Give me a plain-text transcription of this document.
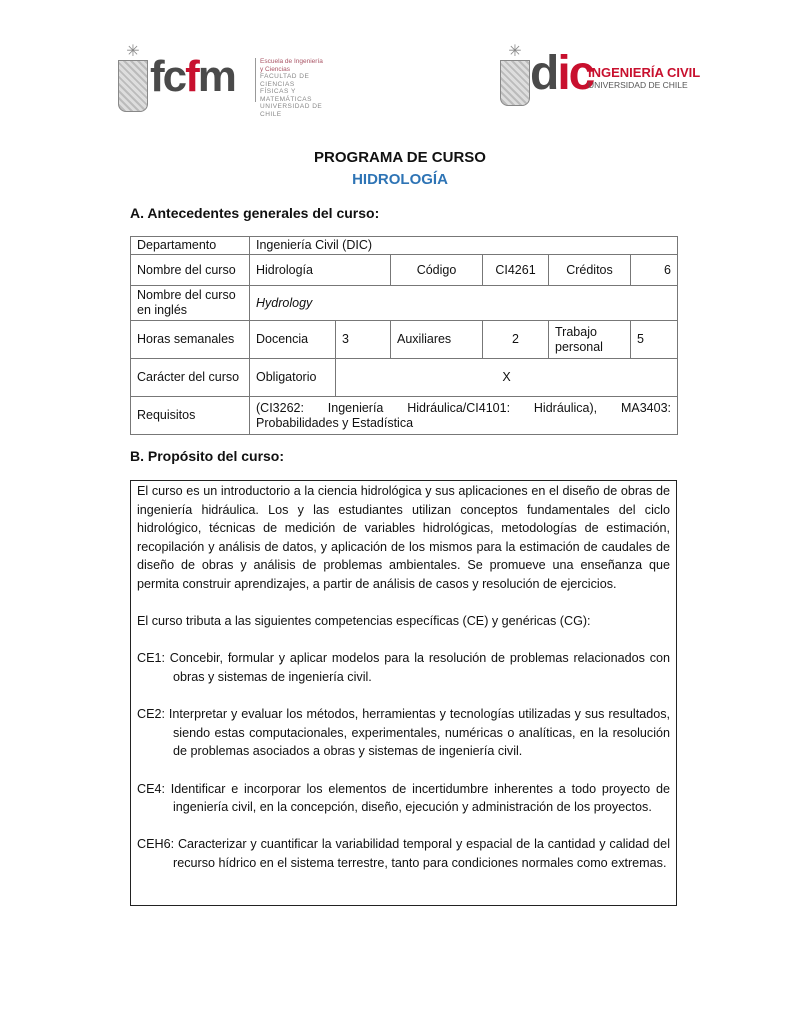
✳
fcfm	Escuela de Ingeniería
y Ciencias
FACULTAD DE CIENCIAS
FÍSICAS Y MATEMÁTICAS
UNIVERSIDAD DE CHILE
✳ dic
INGENIERÍA CIVIL
UNIVERSIDAD DE CHILE
PROGRAMA DE CURSO
HIDROLOGÍA
A. Antecedentes generales del curso:
Departamento	Ingeniería Civil (DIC)					
Nombre del curso	Hidrología		Código	CI4261	Créditos	6
Nombre del curso en inglés	Hydrology					
Horas semanales	Docencia	3	Auxiliares	2	Trabajo personal	5
Carácter del curso	Obligatorio	X				
Requisitos	(CI3262: Ingeniería Hidráulica/CI4101: Hidráulica), MA3403: Probabilidades y Estadística					
B. Propósito del curso:

El curso es un introductorio a la ciencia hidrológica y sus aplicaciones en el diseño de obras de ingeniería hidráulica. Los y las estudiantes utilizan conceptos fundamentales del ciclo hidrológico, técnicas de medición de variables hidrológicas, metodologías de estimación, recopilación y análisis de datos, y aplicación de los mismos para la estimación de caudales de diseño de obras y análisis de problemas ambientales. Se promueve una enseñanza que permita construir aprendizajes, a partir de análisis de casos y resolución de ejercicios.

El curso tributa a las siguientes competencias específicas (CE) y genéricas (CG):

CE1: Concebir, formular y aplicar modelos para la resolución de problemas relacionados con obras y sistemas de ingeniería civil.

CE2: Interpretar y evaluar los métodos, herramientas y tecnologías utilizadas y sus resultados, siendo estas computacionales, experimentales, numéricas o analíticas, en la resolución de problemas asociados a obras y sistemas de ingeniería civil.

CE4: Identificar e incorporar los elementos de incertidumbre inherentes a todo proyecto de ingeniería civil, en la concepción, diseño, ejecución y administración de los proyectos.

CEH6: Caracterizar y cuantificar la variabilidad temporal y espacial de la cantidad y calidad del recurso hídrico en el sistema terrestre, tanto para condiciones normales como extremas.
